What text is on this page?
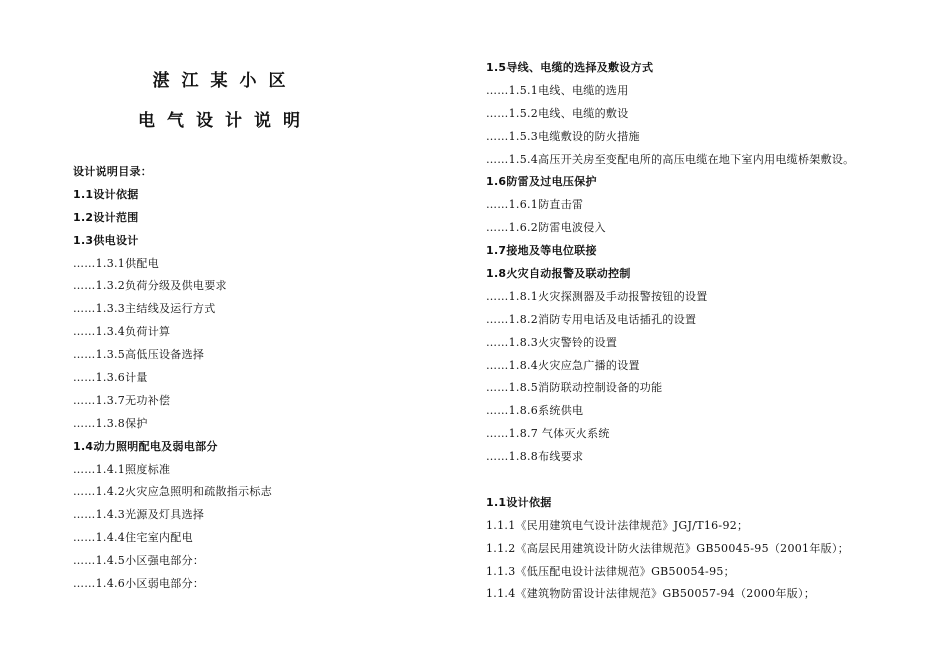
湛江某小区
电气设计说明
设计说明目录：
1.1设计依据
1.2设计范围
1.3供电设计
……1.3.1供配电
……1.3.2负荷分级及供电要求
……1.3.3主结线及运行方式
……1.3.4负荷计算
……1.3.5高低压设备选择
……1.3.6计量
……1.3.7无功补偿
……1.3.8保护
1.4动力照明配电及弱电部分
……1.4.1照度标准
……1.4.2火灾应急照明和疏散指示标志
……1.4.3光源及灯具选择
……1.4.4住宅室内配电
……1.4.5小区强电部分：
……1.4.6小区弱电部分：
1.5导线、电缆的选择及敷设方式
……1.5.1电线、电缆的选用
……1.5.2电线、电缆的敷设
……1.5.3电缆敷设的防火措施
……1.5.4高压开关房至变配电所的高压电缆在地下室内用电缆桥架敷设。
1.6防雷及过电压保护
……1.6.1防直击雷
……1.6.2防雷电波侵入
1.7接地及等电位联接
1.8火灾自动报警及联动控制
……1.8.1火灾探测器及手动报警按钮的设置
……1.8.2消防专用电话及电话插孔的设置
……1.8.3火灾警铃的设置
……1.8.4火灾应急广播的设置
……1.8.5消防联动控制设备的功能
……1.8.6系统供电
……1.8.7 气体灭火系统
……1.8.8布线要求
1.1设计依据
1.1.1《民用建筑电气设计法律规范》JGJ/T16-92；
1.1.2《高层民用建筑设计防火法律规范》GB50045-95（2001年版）；
1.1.3《低压配电设计法律规范》GB50054-95；
1.1.4《建筑物防雷设计法律规范》GB50057-94（2000年版）；
